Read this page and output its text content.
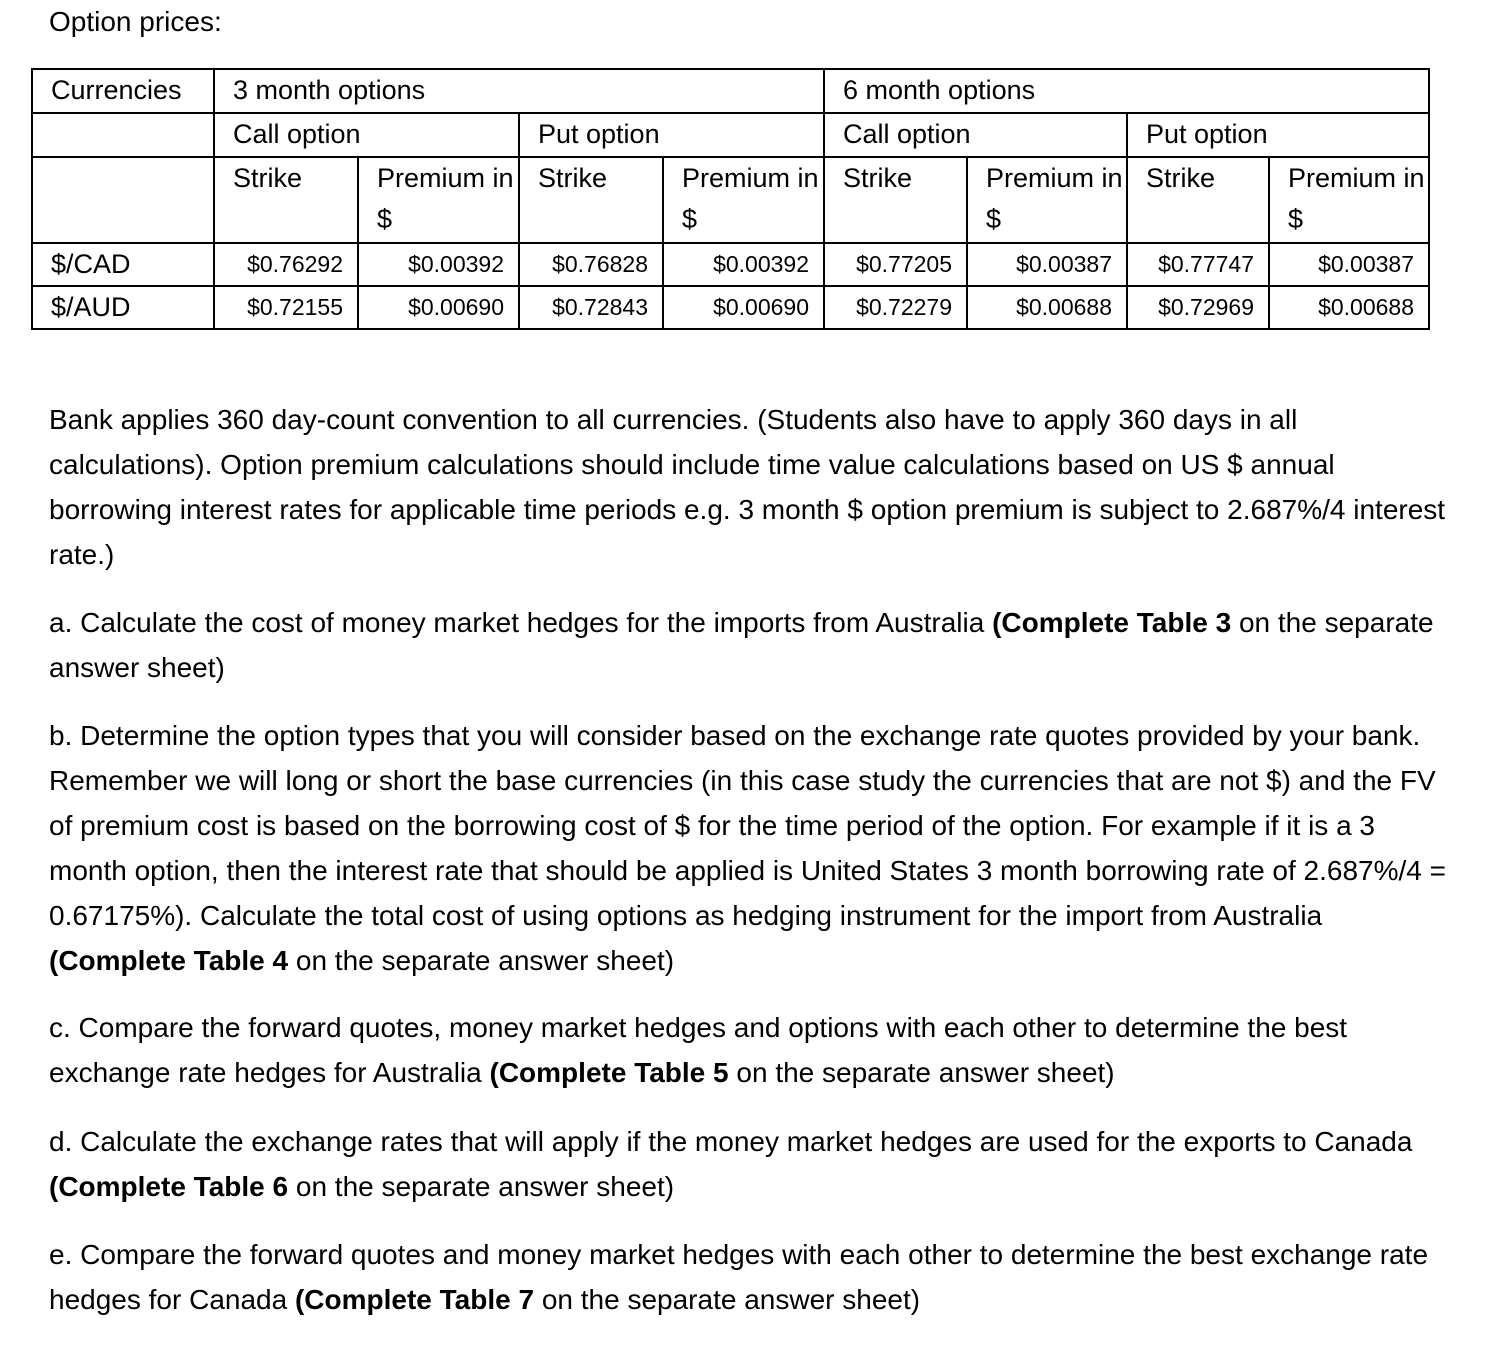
Option prices:
Currencies	3 month options				6 month options			
	Call option		Put option		Call option		Put option	
	Strike	Premium in $	Strike	Premium in $	Strike	Premium in $	Strike	Premium in $
$/CAD	$0.76292	$0.00392	$0.76828	$0.00392	$0.77205	$0.00387	$0.77747	$0.00387
$/AUD	$0.72155	$0.00690	$0.72843	$0.00690	$0.72279	$0.00688	$0.72969	$0.00688

Bank applies 360 day-count convention to all currencies. (Students also have to apply 360 days in all calculations). Option premium calculations should include time value calculations based on US $ annual borrowing interest rates for applicable time periods e.g. 3 month $ option premium is subject to 2.687%/4 interest rate.)

a. Calculate the cost of money market hedges for the imports from Australia (Complete Table 3 on the separate answer sheet)

b. Determine the option types that you will consider based on the exchange rate quotes provided by your bank. Remember we will long or short the base currencies (in this case study the currencies that are not $) and the FV of premium cost is based on the borrowing cost of $ for the time period of the option. For example if it is a 3 month option, then the interest rate that should be applied is United States 3 month borrowing rate of 2.687%/4 = 0.67175%). Calculate the total cost of using options as hedging instrument for the import from Australia (Complete Table 4 on the separate answer sheet)

c. Compare the forward quotes, money market hedges and options with each other to determine the best exchange rate hedges for Australia (Complete Table 5 on the separate answer sheet)

d. Calculate the exchange rates that will apply if the money market hedges are used for the exports to Canada (Complete Table 6 on the separate answer sheet)

e. Compare the forward quotes and money market hedges with each other to determine the best exchange rate hedges for Canada (Complete Table 7 on the separate answer sheet)
